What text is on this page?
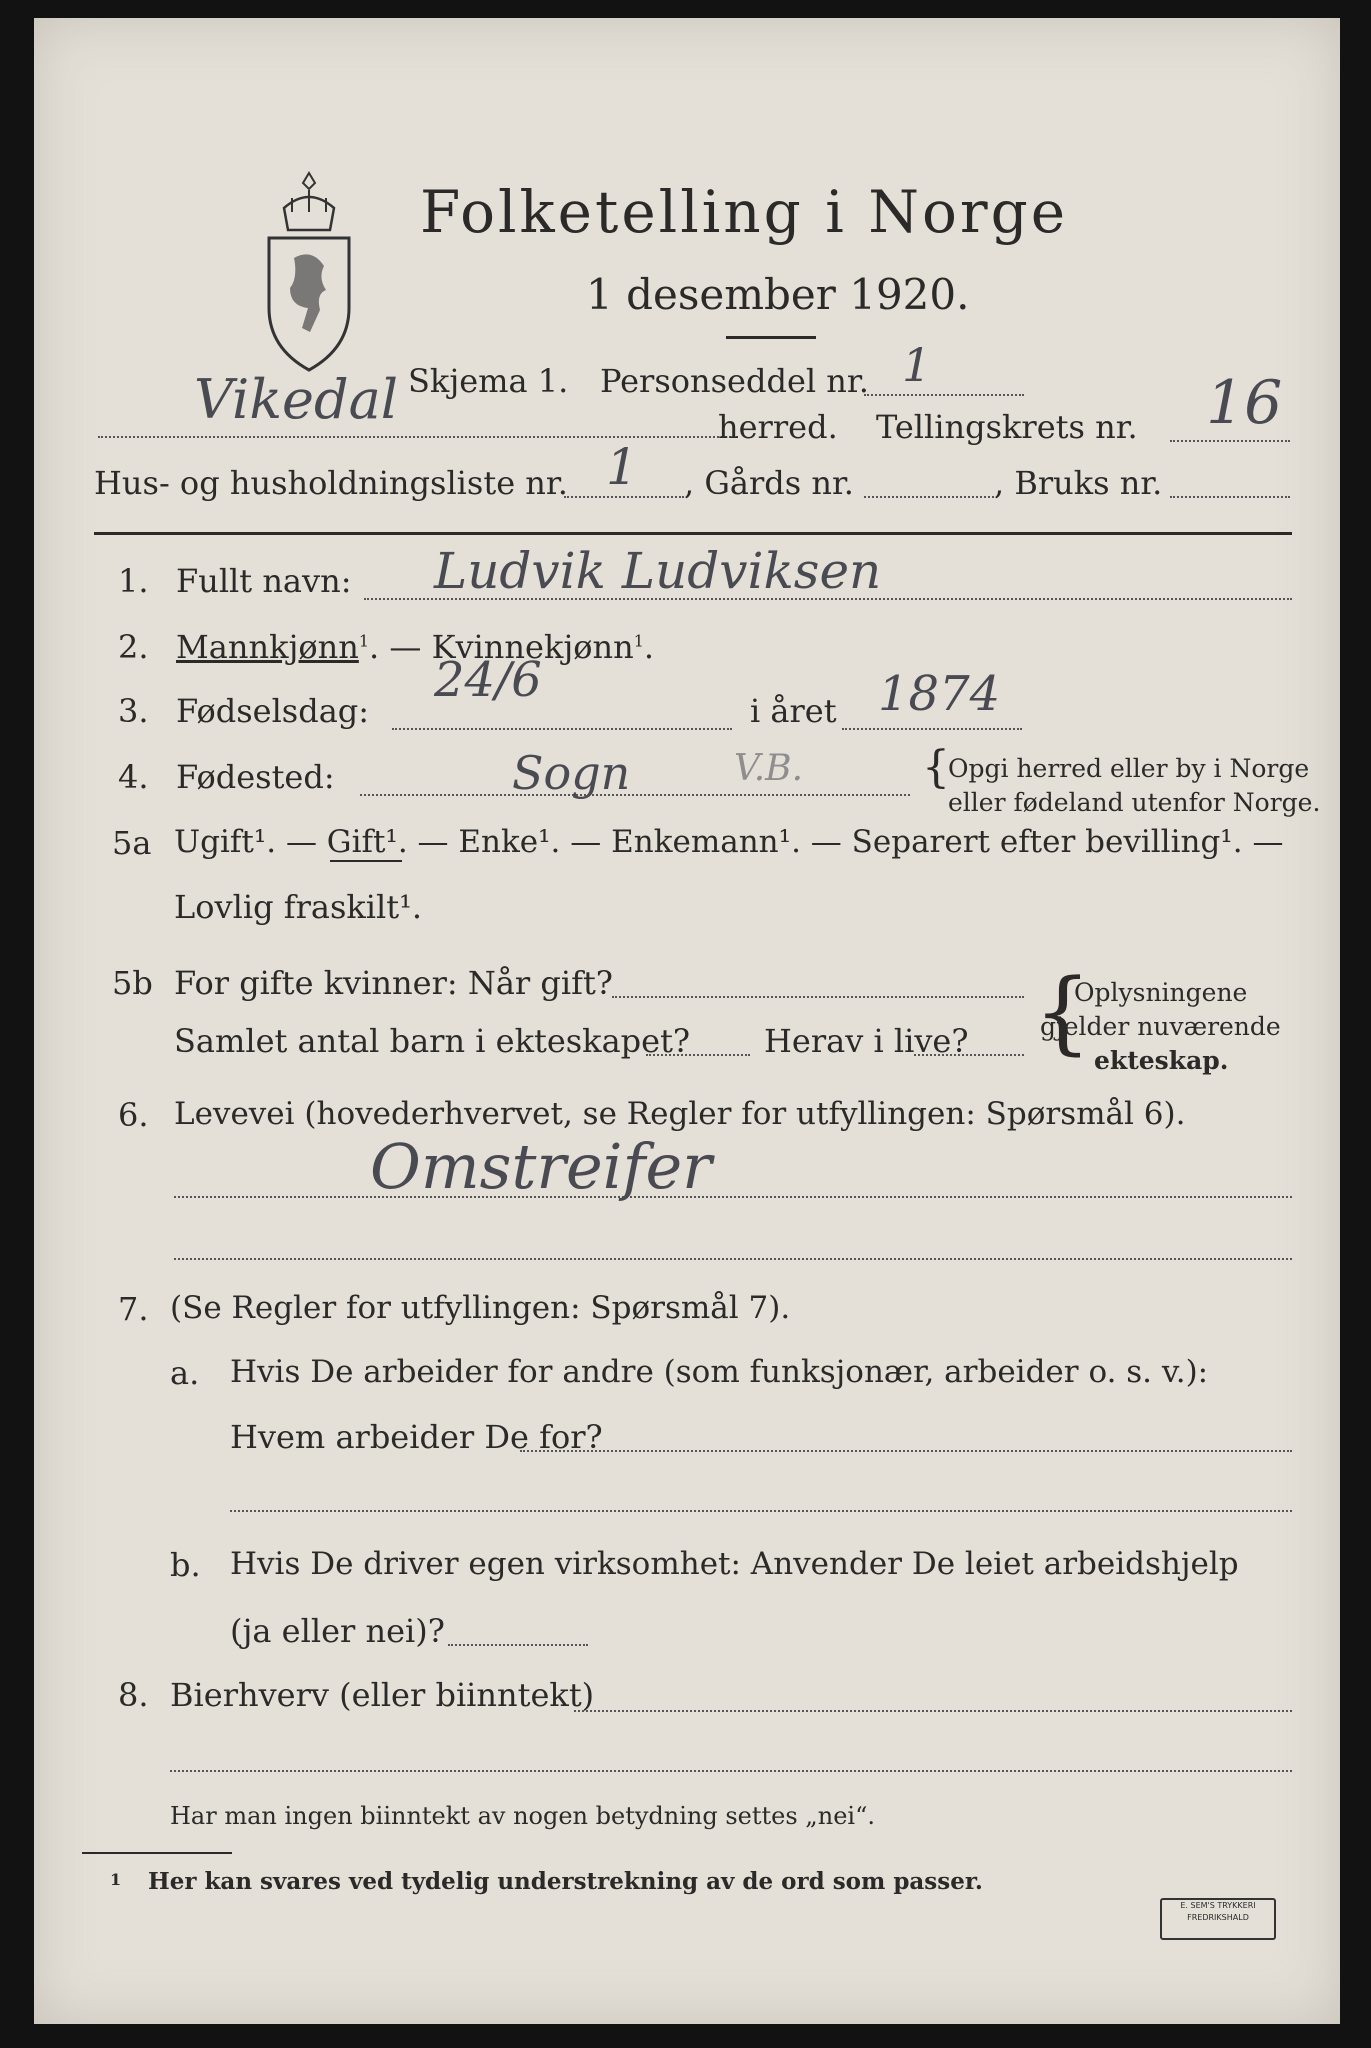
Folketelling i Norge
1 desember 1920.
Skjema 1. Personseddel nr. 1
Vikedal	herred. Tellingskrets nr. 16
Hus- og husholdningsliste nr. 1 , Gårds nr.	, Bruks nr.
1. Fullt navn: Ludvik Ludviksen
2. Mannkjønn$^1$. — Kvinnekjønn$^1$.
3. Fødselsdag:
24/6
i året 1874
4. Fødested:	Sogn	V.B.	{
Opgi herred eller by i Norge
eller fødeland utenfor Norge.
5a Ugift¹. — Gift¹. — Enke¹. — Enkemann¹. — Separert efter bevilling¹. —
Lovlig fraskilt¹.
5b For gifte kvinner: Når gift?
Samlet antal barn i ekteskapet? Herav i live? {
Oplysningene
gjelder nuværende
ekteskap.
6. Levevei (hovederhvervet, se Regler for utfyllingen: Spørsmål 6).
Omstreifer
7. (Se Regler for utfyllingen: Spørsmål 7).
a. Hvis De arbeider for andre (som funksjonær, arbeider o. s. v.):
Hvem arbeider De for?
b. Hvis De driver egen virksomhet: Anvender De leiet arbeidshjelp
(ja eller nei)?
8. Bierhverv (eller biinntekt)
Har man ingen biinntekt av nogen betydning settes „nei“.
1 Her kan svares ved tydelig understrekning av de ord som passer.
E. SEM'S TRYKKERI
FREDRIKSHALD
